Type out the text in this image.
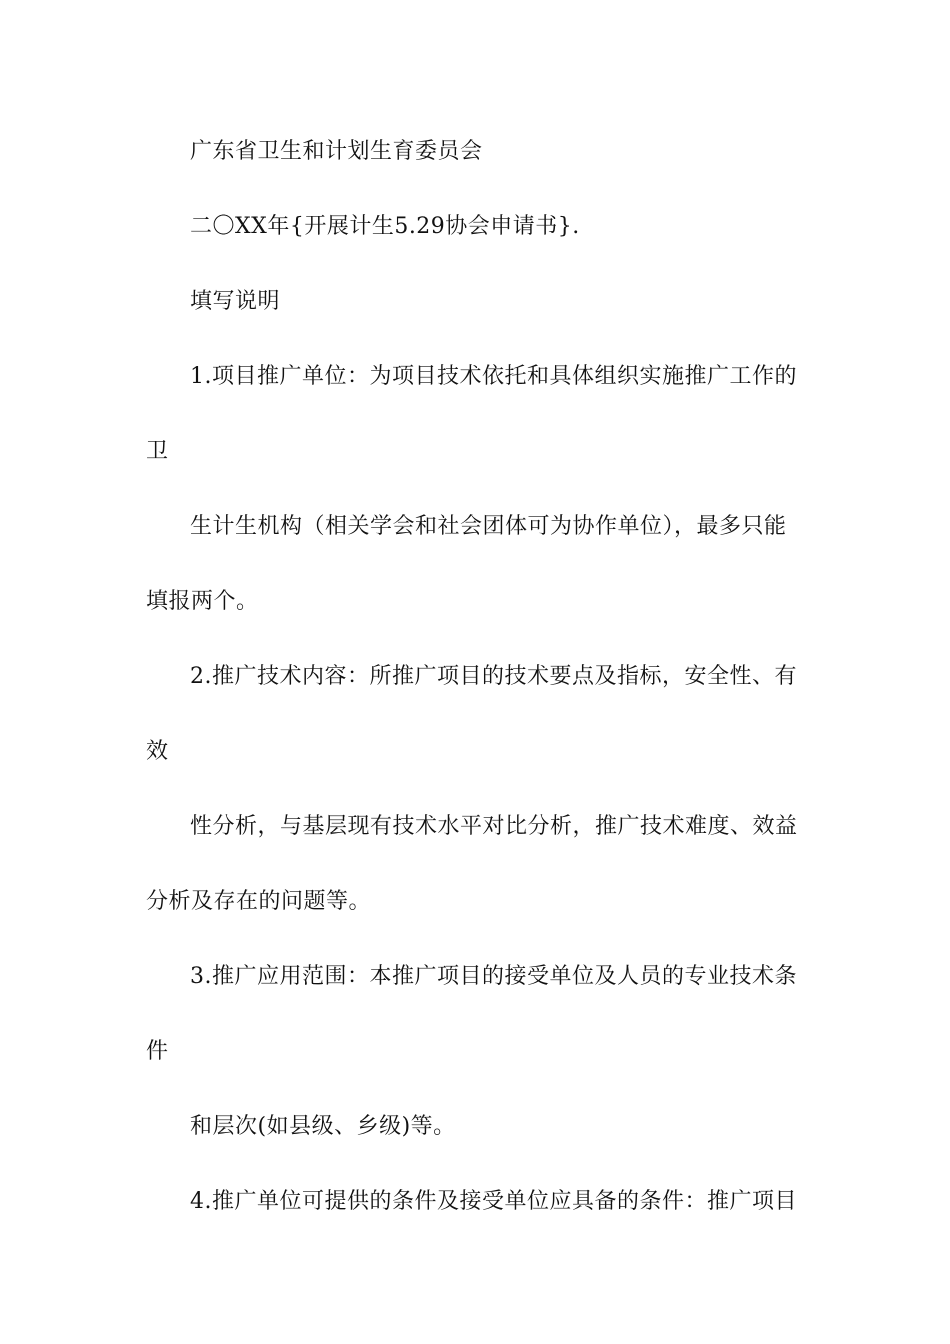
广东省卫生和计划生育委员会
二〇XX年{开展计生5.29协会申请书}.
填写说明
1.项目推广单位：为项目技术依托和具体组织实施推广工作的
卫
生计生机构（相关学会和社会团体可为协作单位），最多只能
填报两个。
2.推广技术内容：所推广项目的技术要点及指标，安全性、有
效
性分析，与基层现有技术水平对比分析，推广技术难度、效益
分析及存在的问题等。
3.推广应用范围：本推广项目的接受单位及人员的专业技术条
件
和层次(如县级、乡级)等。
4.推广单位可提供的条件及接受单位应具备的条件：推广项目
